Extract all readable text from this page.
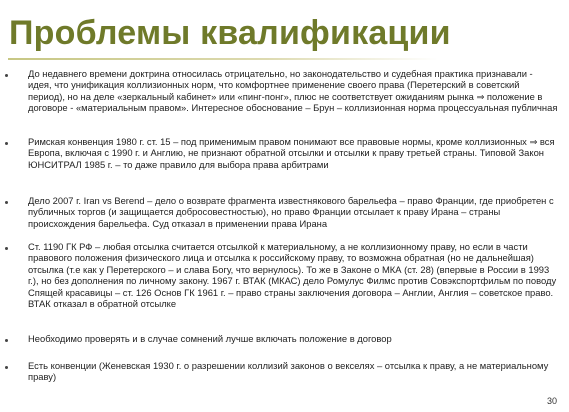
Проблемы квалификации
До недавнего времени доктрина относилась отрицательно, но законодательство и судебная практика признавали - идея, что унификация коллизионных норм, что комфортнее применение своего права (Перетерский в советский период), но на деле «зеркальный кабинет» или «пинг-понг», плюс не соответствует ожиданиям рынка ⇒ положение в договоре - «материальным правом». Интересное обоснование – Брун – коллизионная норма процессуальная публичная
Римская конвенция 1980 г. ст. 15 – под применимым правом понимают все правовые нормы, кроме коллизионных ⇒ вся Европа, включая с 1990 г. и Англию, не признают обратной отсылки и отсылки к праву третьей страны. Типовой Закон ЮНСИТРАЛ 1985 г. – то даже правило для выбора права арбитрами
Дело 2007 г. Iran vs Berend – дело о возврате фрагмента известнякового барельефа – право Франции, где приобретен с публичных торгов (и защищается добросовестностью), но право Франции отсылает к праву Ирана – страны происхождения барельефа. Суд отказал в применении права Ирана
Ст. 1190 ГК РФ – любая отсылка считается отсылкой к материальному, а не коллизионному праву, но если в части правового положения физического лица и отсылка к российскому праву, то возможна обратная (но не дальнейшая) отсылка (т.е как у Перетерского – и слава Богу, что вернулось). То же в Законе о МКА (ст. 28) (впервые в России в 1993 г.), но без дополнения по личному закону. 1967 г. ВТАК (МКАС) дело Ромулус Филмс против Совэкспортфильм по поводу Спящей красавицы – ст. 126 Основ ГК 1961 г. – право страны заключения договора – Англии, Англия – советское право. ВТАК отказал в обратной отсылке
Необходимо проверять и в случае сомнений лучше включать положение в договор
Есть конвенции (Женевская 1930 г. о разрешении коллизий законов о векселях – отсылка к праву, а не материальному праву)
30
